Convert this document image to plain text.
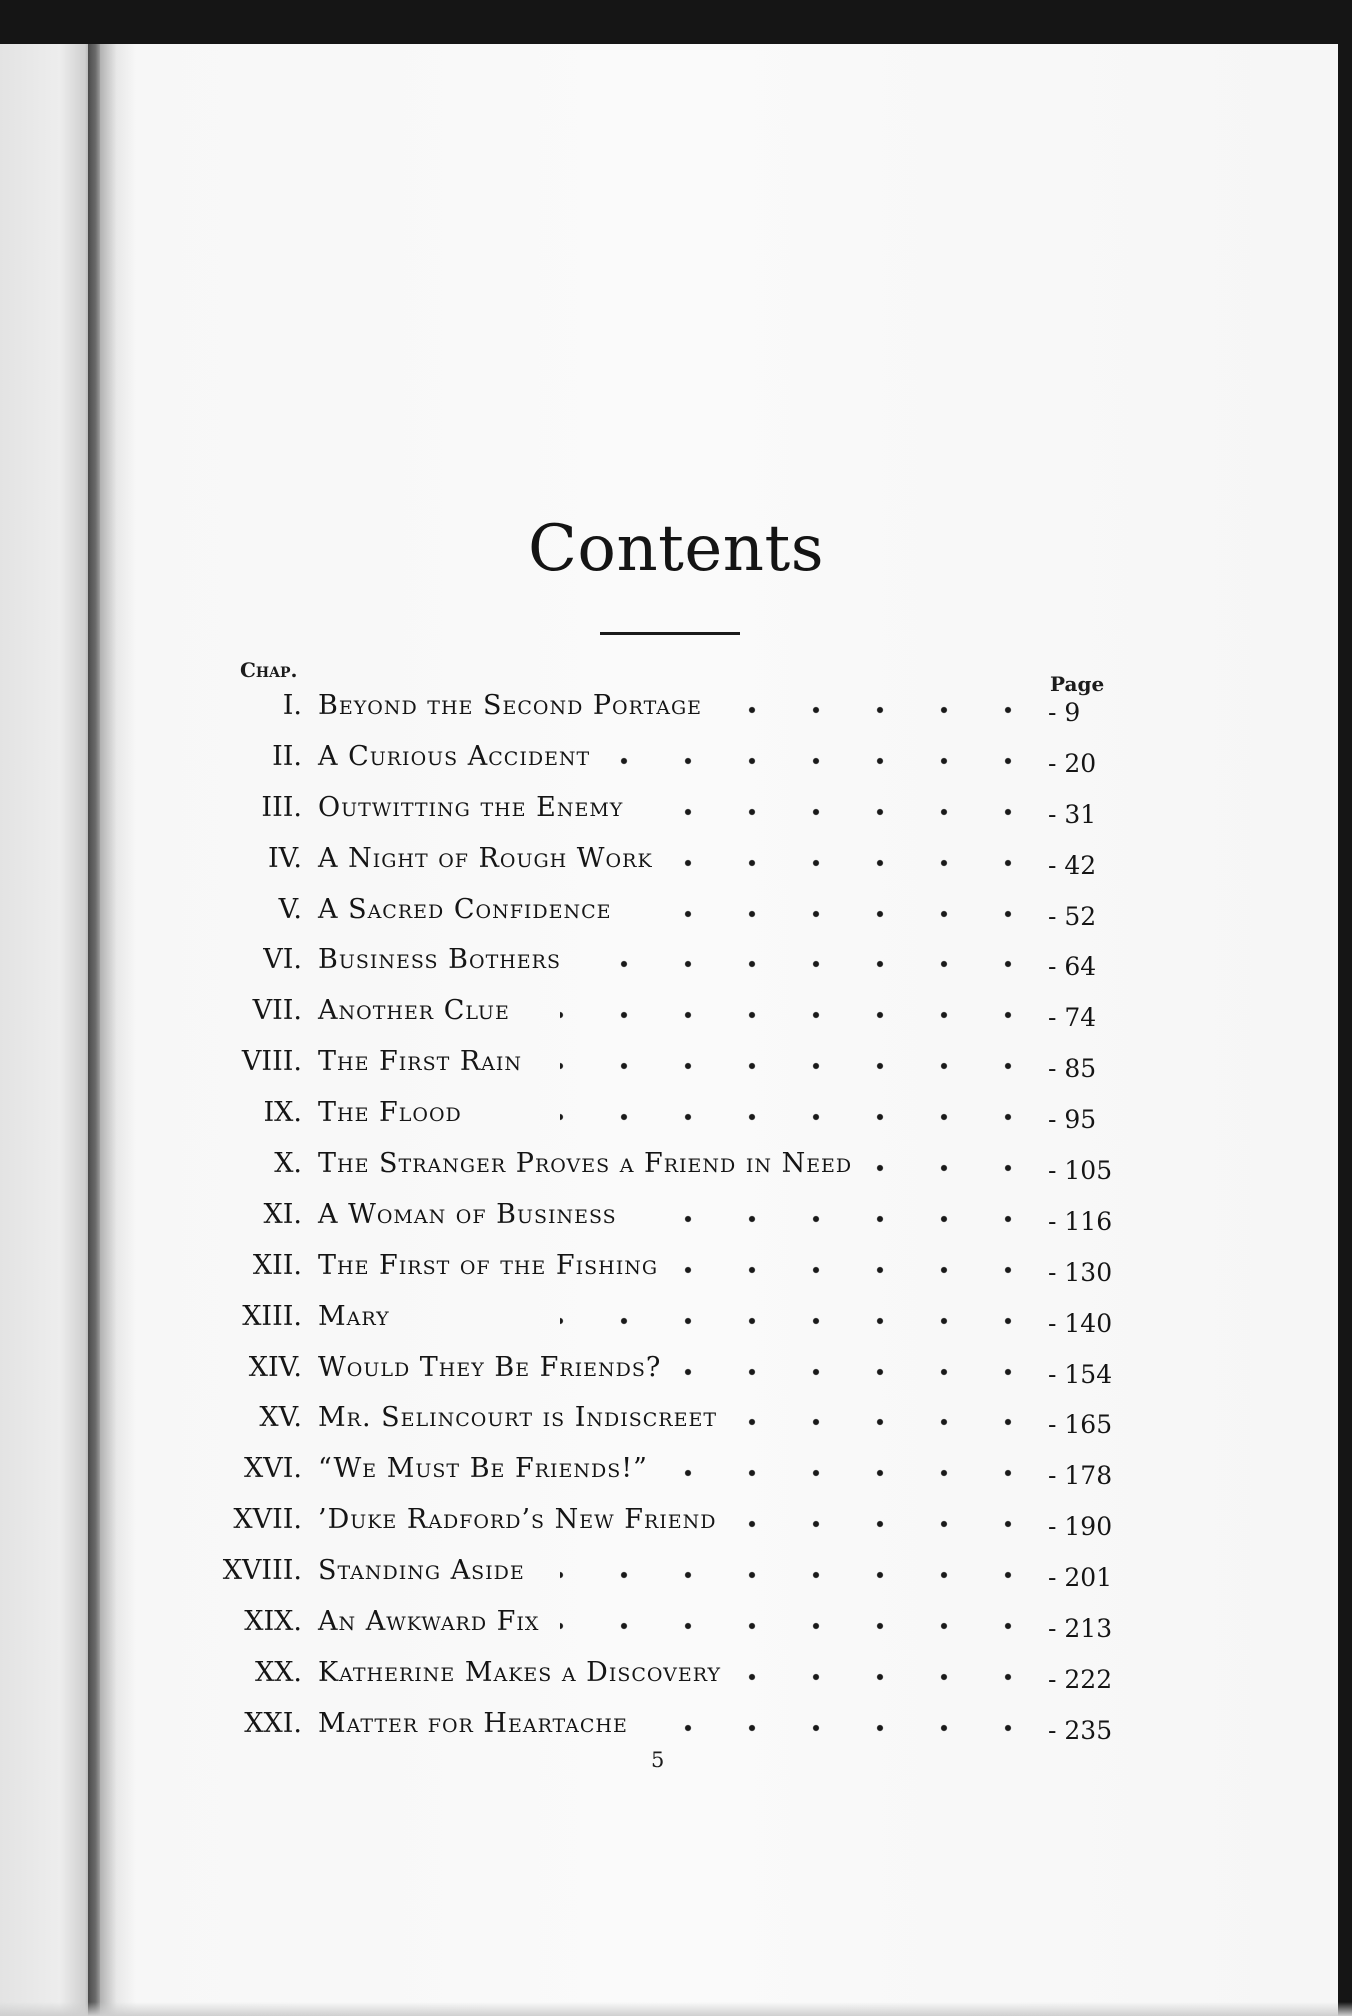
Contents
Chap.
Page
I. Beyond the Second Portage	- 9
II. A Curious Accident	- 20
III. Outwitting the Enemy	- 31
IV. A Night of Rough Work	- 42
V. A Sacred Confidence	- 52
VI. Business Bothers	- 64
VII. Another Clue	- 74
VIII. The First Rain	- 85
IX. The Flood	- 95
X. The Stranger Proves a Friend in Need	- 105
XI. A Woman of Business	- 116
XII. The First of the Fishing	- 130
XIII. Mary	- 140
XIV. Would They Be Friends?	- 154
XV. Mr. Selincourt is Indiscreet	- 165
XVI. “We Must Be Friends!”	- 178
XVII. ’Duke Radford’s New Friend	- 190
XVIII. Standing Aside	- 201
XIX. An Awkward Fix	- 213
XX. Katherine Makes a Discovery	- 222
XXI. Matter for Heartache	- 235
5
